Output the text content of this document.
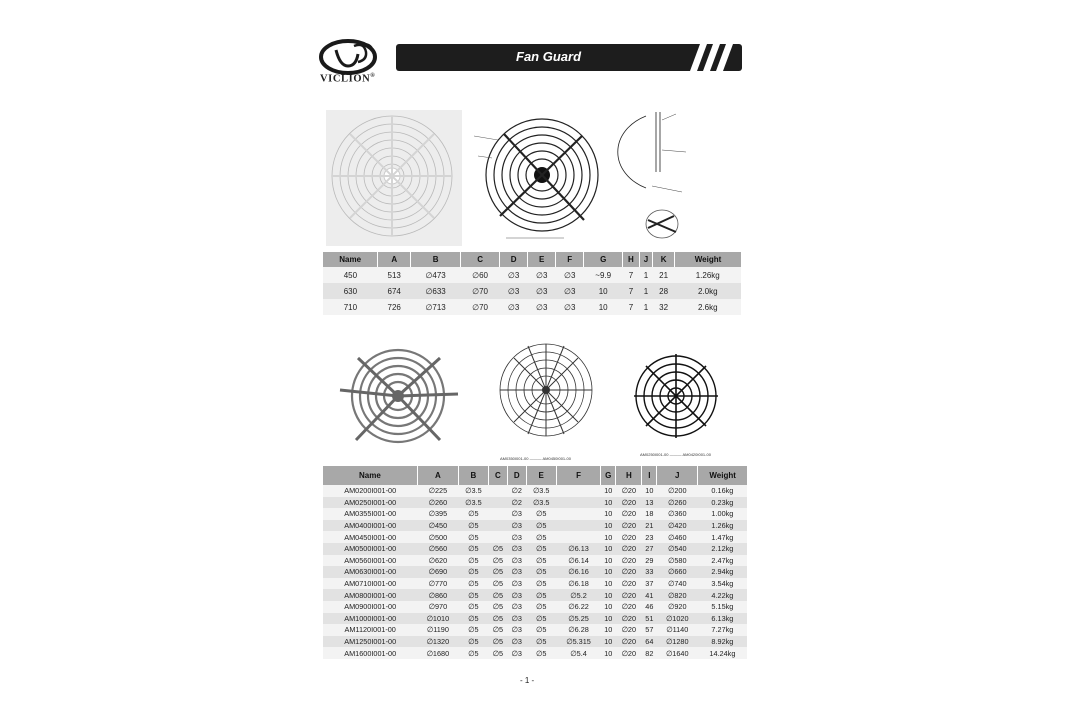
VICLION®
Fan Guard
Name	A	B	C	D	E	F	G	H	J	K	Weight
450	513	∅473	∅60	∅3	∅3	∅3	~9.9	7	1	21	1.26kg
630	674	∅633	∅70	∅3	∅3	∅3	10	7	1	28	2.0kg
710	726	∅713	∅70	∅3	∅3	∅3	10	7	1	32	2.6kg
AM0350I001-00 ——— AM0450I001-00
AM0250I001-00 ——— AM0420I001-00
Name	A	B	C	D	E	F	G	H	I	J	Weight
AM0200I001-00	∅225	∅3.5		∅2	∅3.5		10	∅20	10	∅200	0.16kg
AM0250I001-00	∅260	∅3.5		∅2	∅3.5		10	∅20	13	∅260	0.23kg
AM0355I001-00	∅395	∅5		∅3	∅5		10	∅20	18	∅360	1.00kg
AM0400I001-00	∅450	∅5		∅3	∅5		10	∅20	21	∅420	1.26kg
AM0450I001-00	∅500	∅5		∅3	∅5		10	∅20	23	∅460	1.47kg
AM0500I001-00	∅560	∅5	∅5	∅3	∅5	∅6.13	10	∅20	27	∅540	2.12kg
AM0560I001-00	∅620	∅5	∅5	∅3	∅5	∅6.14	10	∅20	29	∅580	2.47kg
AM0630I001-00	∅690	∅5	∅5	∅3	∅5	∅6.16	10	∅20	33	∅660	2.94kg
AM0710I001-00	∅770	∅5	∅5	∅3	∅5	∅6.18	10	∅20	37	∅740	3.54kg
AM0800I001-00	∅860	∅5	∅5	∅3	∅5	∅5.2	10	∅20	41	∅820	4.22kg
AM0900I001-00	∅970	∅5	∅5	∅3	∅5	∅6.22	10	∅20	46	∅920	5.15kg
AM1000I001-00	∅1010	∅5	∅5	∅3	∅5	∅5.25	10	∅20	51	∅1020	6.13kg
AM1120I001-00	∅1190	∅5	∅5	∅3	∅5	∅6.28	10	∅20	57	∅1140	7.27kg
AM1250I001-00	∅1320	∅5	∅5	∅3	∅5	∅5.315	10	∅20	64	∅1280	8.92kg
AM1600I001-00	∅1680	∅5	∅5	∅3	∅5	∅5.4	10	∅20	82	∅1640	14.24kg
- 1 -
